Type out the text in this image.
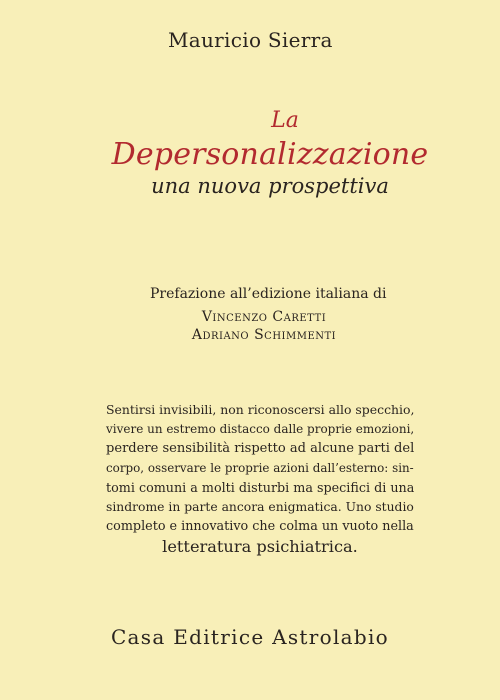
Mauricio Sierra
La
Depersonalizzazione
una nuova prospettiva
Prefazione all’edizione italiana di
Vincenzo Caretti
Adriano Schimmenti
Sentirsi invisibili, non riconoscersi allo specchio,
vivere un estremo distacco dalle proprie emozioni,
perdere sensibilità rispetto ad alcune parti del
corpo, osservare le proprie azioni dall’esterno: sin-
tomi comuni a molti disturbi ma specifici di una
sindrome in parte ancora enigmatica. Uno studio
completo e innovativo che colma un vuoto nella
letteratura psichiatrica.
Casa Editrice Astrolabio
